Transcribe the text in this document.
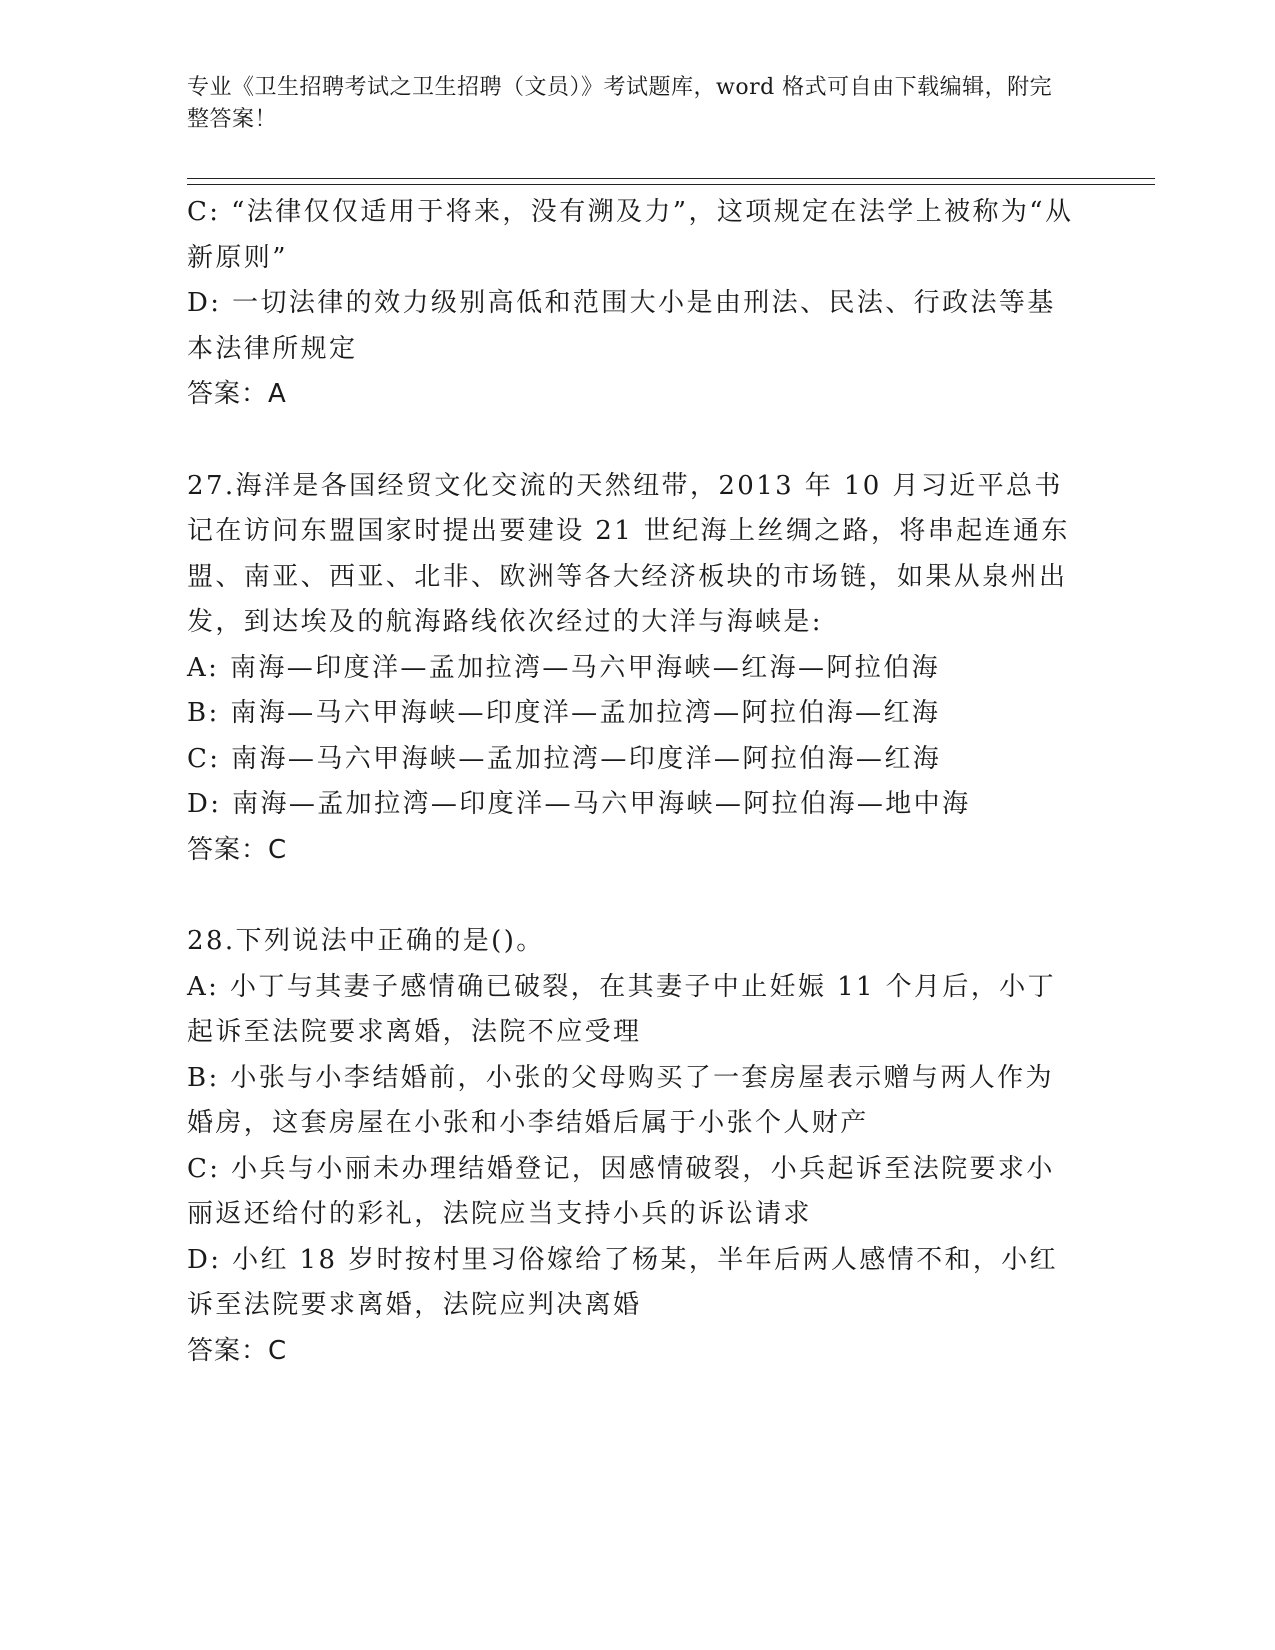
专业《卫生招聘考试之卫生招聘（文员）》考试题库，word 格式可自由下载编辑，附完整答案！

C: “法律仅仅适用于将来，没有溯及力”，这项规定在法学上被称为“从新原则”

D: 一切法律的效力级别高低和范围大小是由刑法、民法、行政法等基本法律所规定

答案：A

27.海洋是各国经贸文化交流的天然纽带，2013 年 10 月习近平总书记在访问东盟国家时提出要建设 21 世纪海上丝绸之路，将串起连通东盟、南亚、西亚、北非、欧洲等各大经济板块的市场链，如果从泉州出发，到达埃及的航海路线依次经过的大洋与海峡是:

A: 南海—印度洋—孟加拉湾—马六甲海峡—红海—阿拉伯海

B: 南海—马六甲海峡—印度洋—孟加拉湾—阿拉伯海—红海

C: 南海—马六甲海峡—孟加拉湾—印度洋—阿拉伯海—红海

D: 南海—孟加拉湾—印度洋—马六甲海峡—阿拉伯海—地中海

答案：C

28.下列说法中正确的是()。

A: 小丁与其妻子感情确已破裂，在其妻子中止妊娠 11 个月后，小丁起诉至法院要求离婚，法院不应受理

B: 小张与小李结婚前，小张的父母购买了一套房屋表示赠与两人作为婚房，这套房屋在小张和小李结婚后属于小张个人财产

C: 小兵与小丽未办理结婚登记，因感情破裂，小兵起诉至法院要求小丽返还给付的彩礼，法院应当支持小兵的诉讼请求

D: 小红 18 岁时按村里习俗嫁给了杨某，半年后两人感情不和，小红诉至法院要求离婚，法院应判决离婚

答案：C
